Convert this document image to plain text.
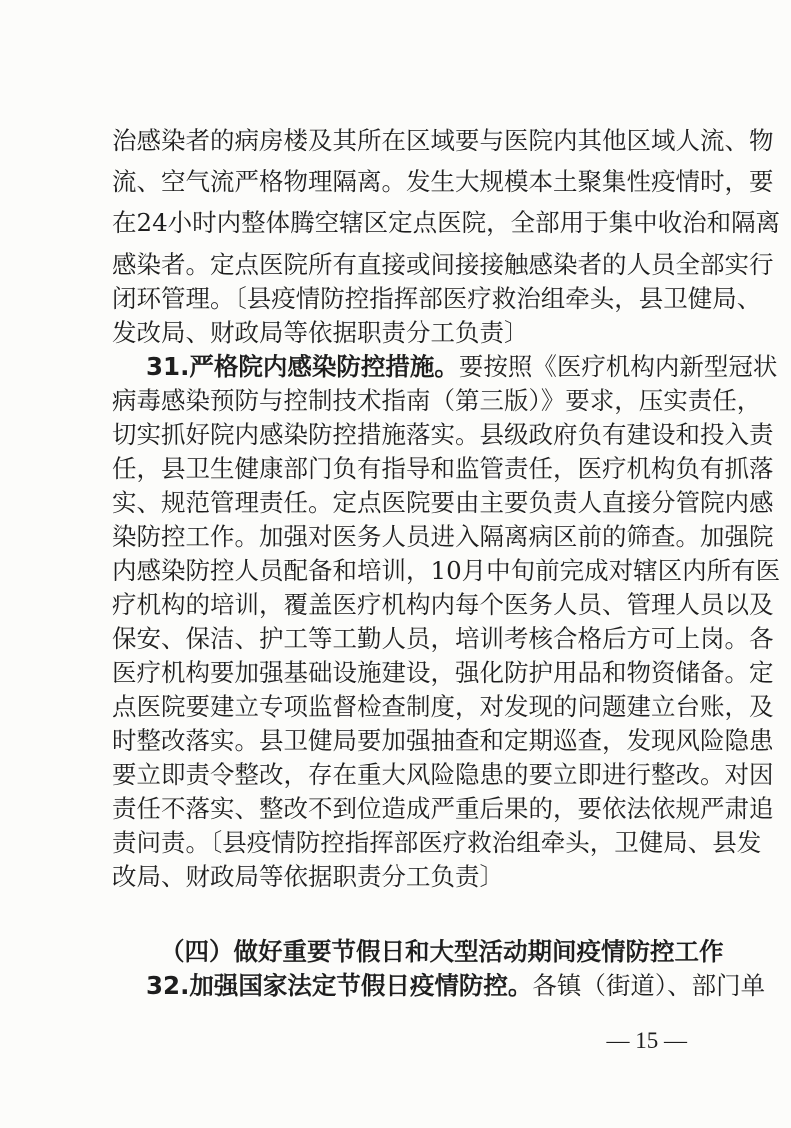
治感染者的病房楼及其所在区域要与医院内其他区域人流、物
流、空气流严格物理隔离。发生大规模本土聚集性疫情时，要
在24小时内整体腾空辖区定点医院，全部用于集中收治和隔离
感染者。定点医院所有直接或间接接触感染者的人员全部实行
闭环管理。〔县疫情防控指挥部医疗救治组牵头，县卫健局、
发改局、财政局等依据职责分工负责〕
31.严格院内感染防控措施。要按照《医疗机构内新型冠状
病毒感染预防与控制技术指南（第三版）》要求，压实责任，
切实抓好院内感染防控措施落实。县级政府负有建设和投入责
任，县卫生健康部门负有指导和监管责任，医疗机构负有抓落
实、规范管理责任。定点医院要由主要负责人直接分管院内感
染防控工作。加强对医务人员进入隔离病区前的筛查。加强院
内感染防控人员配备和培训，10月中旬前完成对辖区内所有医
疗机构的培训，覆盖医疗机构内每个医务人员、管理人员以及
保安、保洁、护工等工勤人员，培训考核合格后方可上岗。各
医疗机构要加强基础设施建设，强化防护用品和物资储备。定
点医院要建立专项监督检查制度，对发现的问题建立台账，及
时整改落实。县卫健局要加强抽查和定期巡查，发现风险隐患
要立即责令整改，存在重大风险隐患的要立即进行整改。对因
责任不落实、整改不到位造成严重后果的，要依法依规严肃追
责问责。〔县疫情防控指挥部医疗救治组牵头，卫健局、县发
改局、财政局等依据职责分工负责〕
（四）做好重要节假日和大型活动期间疫情防控工作
32.加强国家法定节假日疫情防控。各镇（街道）、部门单
— 15 —
